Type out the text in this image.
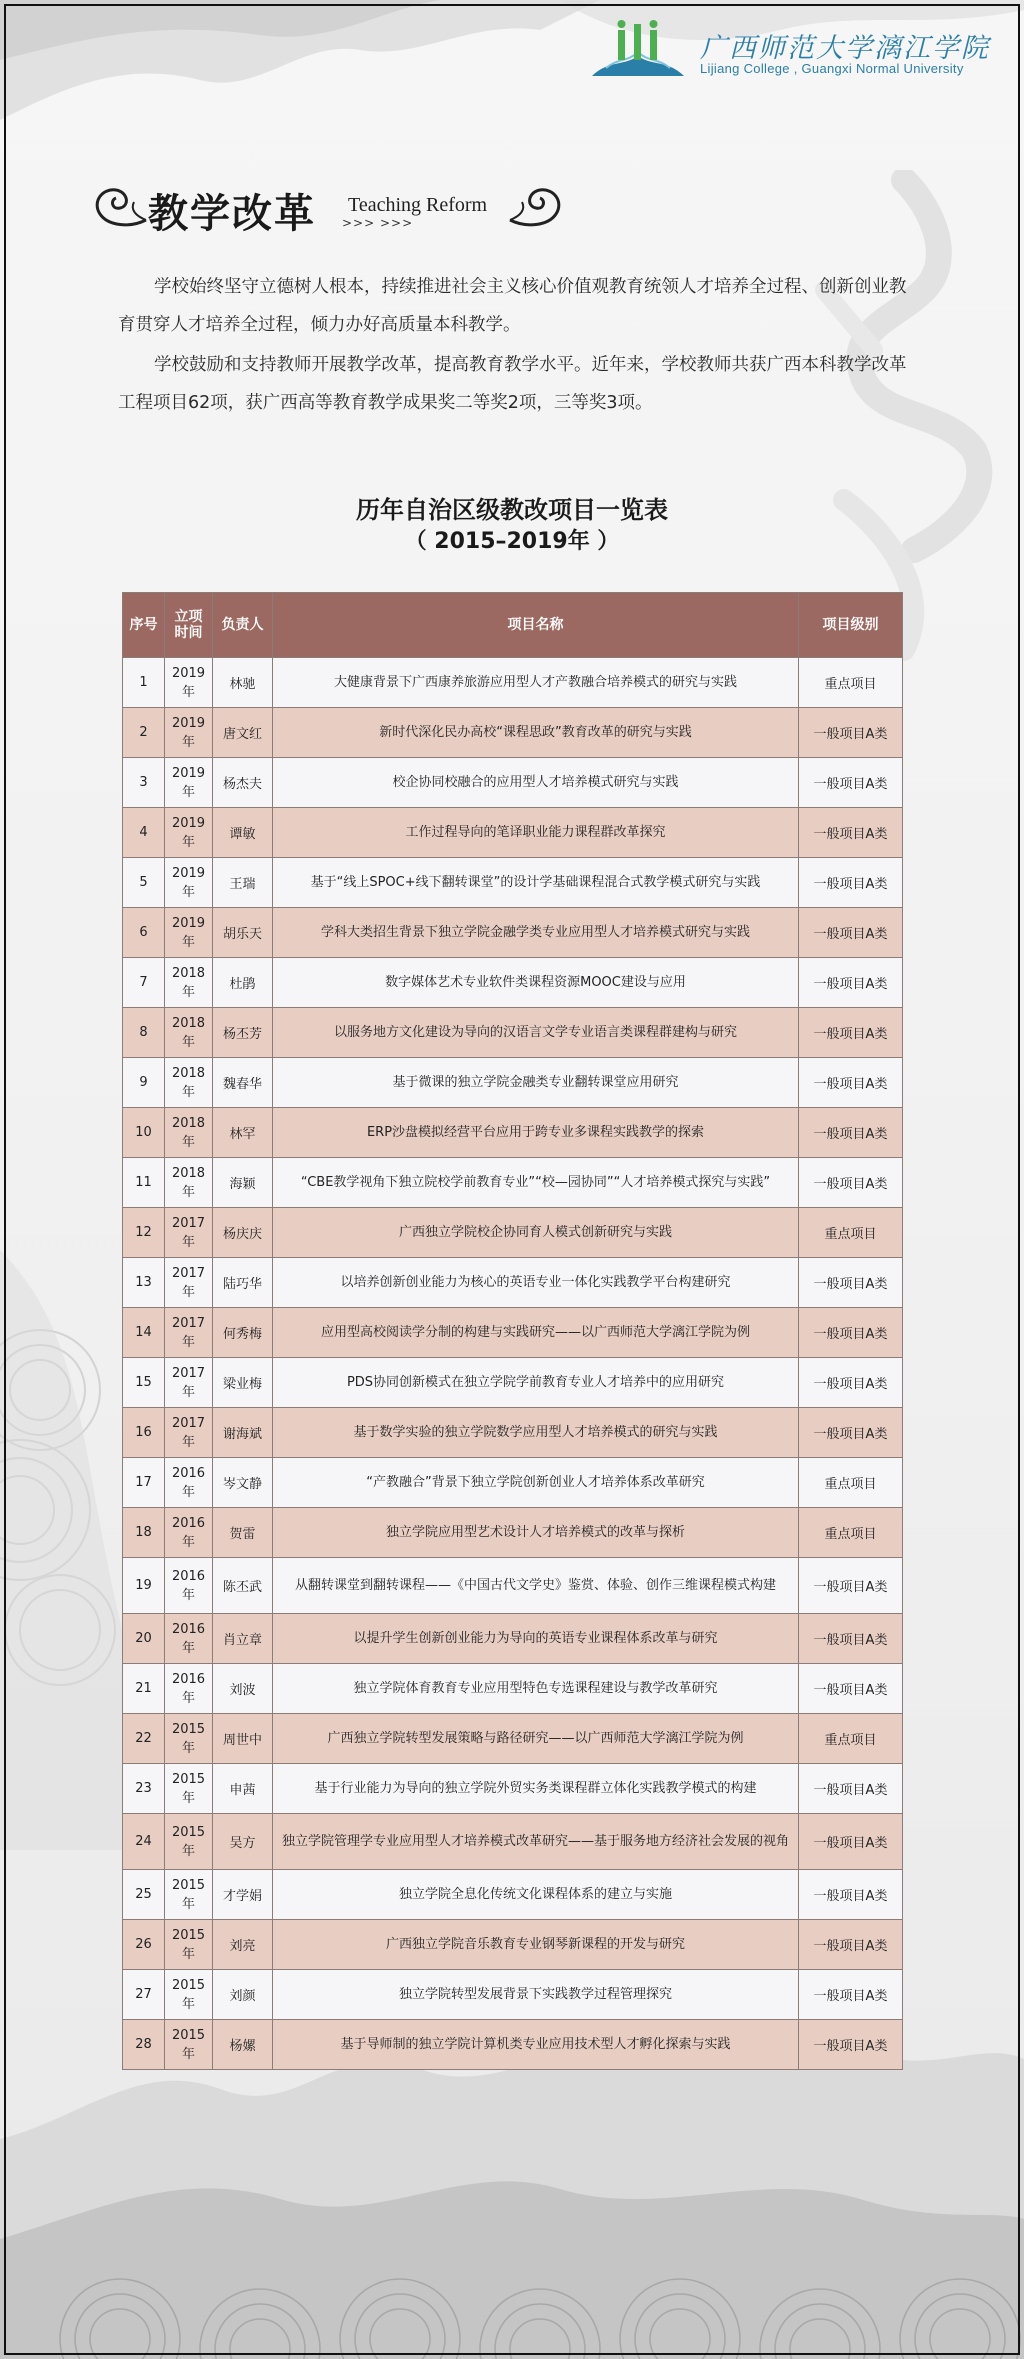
广西师范大学漓江学院
Lijiang College , Guangxi Normal University
教学改革 Teaching Reform
>>> >>>

学校始终坚守立德树人根本，持续推进社会主义核心价值观教育统领人才培养全过程、创新创业教育贯穿人才培养全过程，倾力办好高质量本科教学。

学校鼓励和支持教师开展教学改革，提高教育教学水平。近年来，学校教师共获广西本科教学改革工程项目62项，获广西高等教育教学成果奖二等奖2项，三等奖3项。

历年自治区级教改项目一览表
（ 2015–2019年 ）
序号	立项时间	负责人	项目名称	项目级别
1	2019年	林驰	大健康背景下广西康养旅游应用型人才产教融合培养模式的研究与实践	重点项目
2	2019年	唐文红	新时代深化民办高校“课程思政”教育改革的研究与实践	一般项目A类
3	2019年	杨杰夫	校企协同校融合的应用型人才培养模式研究与实践	一般项目A类
4	2019年	谭敏	工作过程导向的笔译职业能力课程群改革探究	一般项目A类
5	2019年	王瑞	基于“线上SPOC+线下翻转课堂”的设计学基础课程混合式教学模式研究与实践	一般项目A类
6	2019年	胡乐天	学科大类招生背景下独立学院金融学类专业应用型人才培养模式研究与实践	一般项目A类
7	2018年	杜鹃	数字媒体艺术专业软件类课程资源MOOC建设与应用	一般项目A类
8	2018年	杨丕芳	以服务地方文化建设为导向的汉语言文学专业语言类课程群建构与研究	一般项目A类
9	2018年	魏春华	基于微课的独立学院金融类专业翻转课堂应用研究	一般项目A类
10	2018年	林罕	ERP沙盘模拟经营平台应用于跨专业多课程实践教学的探索	一般项目A类
11	2018年	海颖	“CBE教学视角下独立院校学前教育专业”“校—园协同”“人才培养模式探究与实践”	一般项目A类
12	2017年	杨庆庆	广西独立学院校企协同育人模式创新研究与实践	重点项目
13	2017年	陆巧华	以培养创新创业能力为核心的英语专业一体化实践教学平台构建研究	一般项目A类
14	2017年	何秀梅	应用型高校阅读学分制的构建与实践研究——以广西师范大学漓江学院为例	一般项目A类
15	2017年	梁业梅	PDS协同创新模式在独立学院学前教育专业人才培养中的应用研究	一般项目A类
16	2017年	谢海斌	基于数学实验的独立学院数学应用型人才培养模式的研究与实践	一般项目A类
17	2016年	岑文静	“产教融合”背景下独立学院创新创业人才培养体系改革研究	重点项目
18	2016年	贺雷	独立学院应用型艺术设计人才培养模式的改革与探析	重点项目
19	2016年	陈丕武	从翻转课堂到翻转课程——《中国古代文学史》鉴赏、体验、创作三维课程模式构建	一般项目A类
20	2016年	肖立章	以提升学生创新创业能力为导向的英语专业课程体系改革与研究	一般项目A类
21	2016年	刘波	独立学院体育教育专业应用型特色专选课程建设与教学改革研究	一般项目A类
22	2015年	周世中	广西独立学院转型发展策略与路径研究——以广西师范大学漓江学院为例	重点项目
23	2015年	申茜	基于行业能力为导向的独立学院外贸实务类课程群立体化实践教学模式的构建	一般项目A类
24	2015年	吴方	独立学院管理学专业应用型人才培养模式改革研究——基于服务地方经济社会发展的视角	一般项目A类
25	2015年	才学娟	独立学院全息化传统文化课程体系的建立与实施	一般项目A类
26	2015年	刘亮	广西独立学院音乐教育专业钢琴新课程的开发与研究	一般项目A类
27	2015年	刘颜	独立学院转型发展背景下实践教学过程管理探究	一般项目A类
28	2015年	杨嫘	基于导师制的独立学院计算机类专业应用技术型人才孵化探索与实践	一般项目A类
